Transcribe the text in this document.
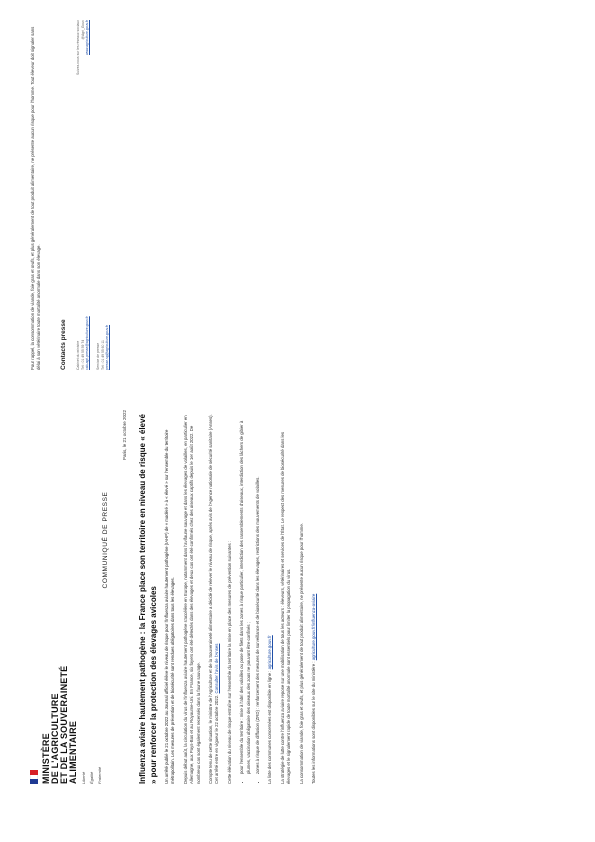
MINISTÈRE DE L'AGRICULTURE ET DE LA SOUVERAINETÉ ALIMENTAIRE Liberté Égalité Fraternité
COMMUNIQUÉ DE PRESSE
Paris, le 21 octobre 2022 Influenza aviaire hautement pathogène : la France place son territoire en niveau de risque « élevé » pour renforcer la protection des élevages avicoles Un arrêté publié le 21 octobre 2022 au Journal officiel élève le niveau de risque pour l'influenza aviaire hautement pathogène (IAHP) de « modéré » à « élevé » sur l'ensemble du territoire métropolitain. Les mesures de prévention et de biosécurité sont rendues obligatoires dans tous les élevages.	Depuis début août, la circulation du virus de l'influenza aviaire hautement pathogène s'accélère en Europe, notamment dans l'avifaune sauvage et dans les élevages de volailles, en particulier en Allemagne, aux Pays-Bas et au Royaume-Uni. En France, six foyers ont été détectés dans des élevages et deux cas ont été confirmés chez des oiseaux captifs depuis le 1er août 2022. De nombreux cas sont également recensés dans la faune sauvage.	Compte tenu de cette situation, le ministre de l'Agriculture et de la Souveraineté alimentaire a décidé de relever le niveau de risque, après avis de l'Agence nationale de sécurité sanitaire (Anses). Cet arrêté entre en vigueur le 22 octobre 2022. Consulter l'avis de l'Anses	Cette élévation du niveau de risque entraîne sur l'ensemble du territoire la mise en place des mesures de prévention suivantes :	• pour l'ensemble du territoire : mise à l'abri des volailles ou pose de filets dans les zones à risque particulier, interdiction des rassemblements d'oiseaux, interdiction des lâchers de gibier à plumes, vaccination obligatoire des oiseaux des zoos ne pouvant être confinés ;	• zones à risque de diffusion (ZRD) : renforcement des mesures de surveillance et de biosécurité dans les élevages, restrictions des mouvements de volailles.	La liste des communes concernées est disponible en ligne : agriculture.gouv.fr	La stratégie de lutte contre l'influenza aviaire repose sur une mobilisation de tous les acteurs : éleveurs, vétérinaires et services de l'État. Le respect des mesures de biosécurité dans les élevages et le signalement rapide de toute mortalité anormale sont essentiels pour limiter la propagation du virus.	La consommation de viande, foie gras et œufs, et plus généralement de tout produit alimentaire, ne présente aucun risque pour l'homme.	Toutes les informations sont disponibles sur le site du ministère : agriculture.gouv.fr/influenza-aviaire

Pour rappel, la consommation de viande, foie gras et œufs, et plus généralement de tout produit alimentaire, ne présente aucun risque pour l'homme. Tout éleveur doit signaler sans délai à son vétérinaire toute mortalité anormale dans son élevage.	Contacts presse	Cabinet du ministre Tél : 01 49 55 59 74 cab-agri.presse@agriculture.gouv.fr Service de presse Tél : 01 49 55 60 11 presse.sg@agriculture.gouv.fr
Suivez-nous sur les réseaux sociaux @Agri_Gouv www.agriculture.gouv.fr
